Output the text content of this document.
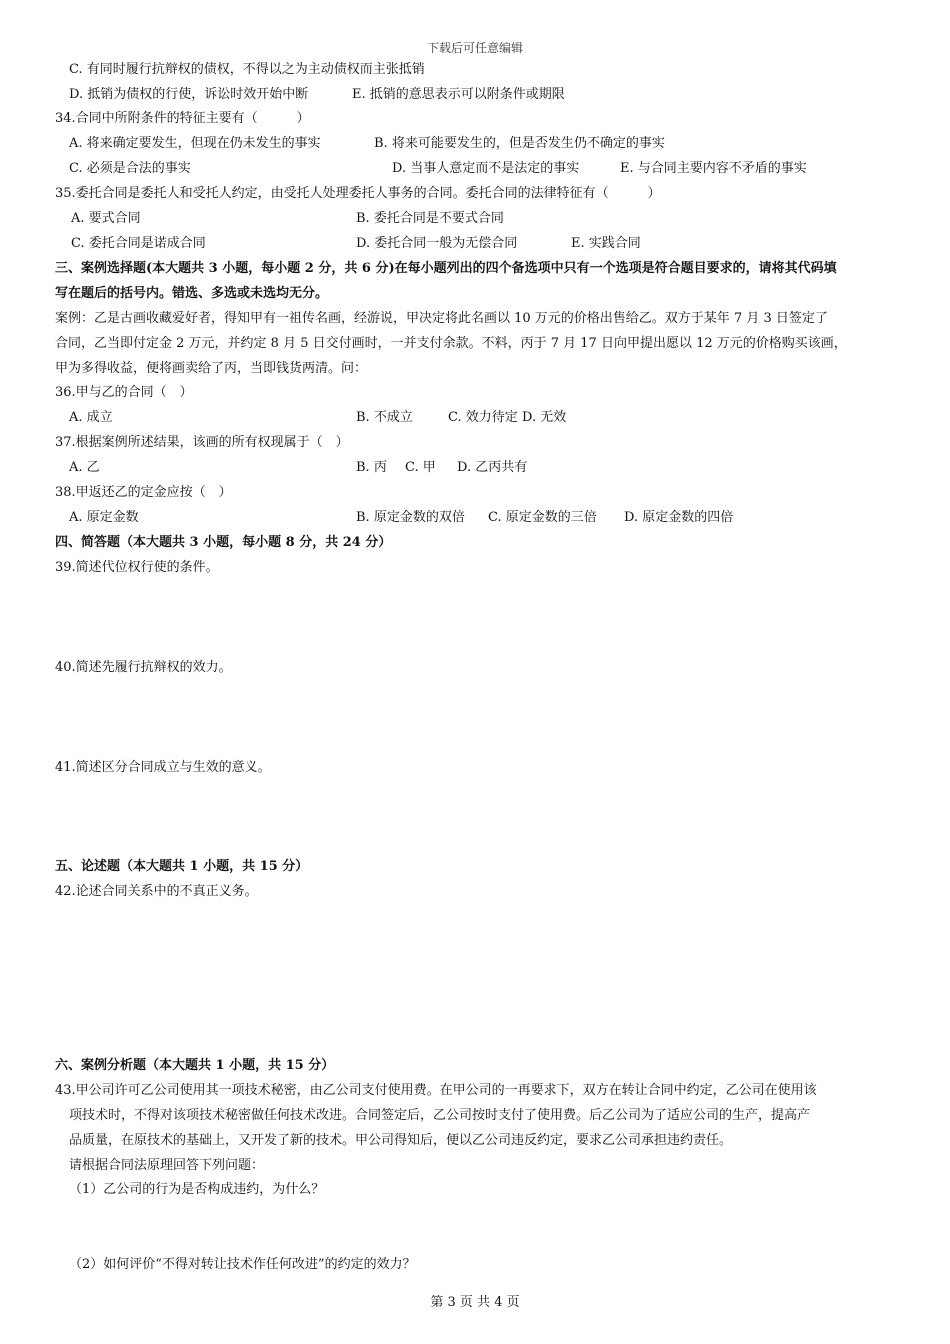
下载后可任意编辑
C. 有同时履行抗辩权的债权，不得以之为主动债权而主张抵销
D. 抵销为债权的行使，诉讼时效开始中断	E. 抵销的意思表示可以附条件或期限
34.合同中所附条件的特征主要有（　　　）
A. 将来确定要发生，但现在仍未发生的事实	B. 将来可能要发生的，但是否发生仍不确定的事实
C. 必须是合法的事实	D. 当事人意定而不是法定的事实	E. 与合同主要内容不矛盾的事实
35.委托合同是委托人和受托人约定，由受托人处理委托人事务的合同。委托合同的法律特征有（　　　）
A. 要式合同	B. 委托合同是不要式合同
C. 委托合同是诺成合同	D. 委托合同一般为无偿合同	E. 实践合同
三、案例选择题(本大题共 3 小题，每小题 2 分，共 6 分)在每小题列出的四个备选项中只有一个选项是符合题目要求的，请将其代码填
写在题后的括号内。错选、多选或未选均无分。
案例：乙是古画收藏爱好者，得知甲有一祖传名画，经游说，甲决定将此名画以 10 万元的价格出售给乙。双方于某年 7 月 3 日签定了
合同，乙当即付定金 2 万元，并约定 8 月 5 日交付画时，一并支付余款。不料，丙于 7 月 17 日向甲提出愿以 12 万元的价格购买该画，
甲为多得收益，便将画卖给了丙，当即钱货两清。问：
36.甲与乙的合同（　）
A. 成立	B. 不成立	C. 效力待定 D. 无效
37.根据案例所述结果，该画的所有权现属于（　）
A. 乙	B. 丙 C. 甲 D. 乙丙共有
38.甲返还乙的定金应按（　）
A. 原定金数	B. 原定金数的双倍 C. 原定金数的三倍 D. 原定金数的四倍
四、简答题（本大题共 3 小题，每小题 8 分，共 24 分）
39.简述代位权行使的条件。
40.简述先履行抗辩权的效力。
41.简述区分合同成立与生效的意义。
五、论述题（本大题共 1 小题，共 15 分）
42.论述合同关系中的不真正义务。
六、案例分析题（本大题共 1 小题，共 15 分）
43.甲公司许可乙公司使用其一项技术秘密，由乙公司支付使用费。在甲公司的一再要求下，双方在转让合同中约定，乙公司在使用该
项技术时，不得对该项技术秘密做任何技术改进。合同签定后，乙公司按时支付了使用费。后乙公司为了适应公司的生产，提高产
品质量，在原技术的基础上，又开发了新的技术。甲公司得知后，便以乙公司违反约定，要求乙公司承担违约责任。
请根据合同法原理回答下列问题：
（1）乙公司的行为是否构成违约，为什么？
（2）如何评价“不得对转让技术作任何改进”的约定的效力？
第 3 页 共 4 页
